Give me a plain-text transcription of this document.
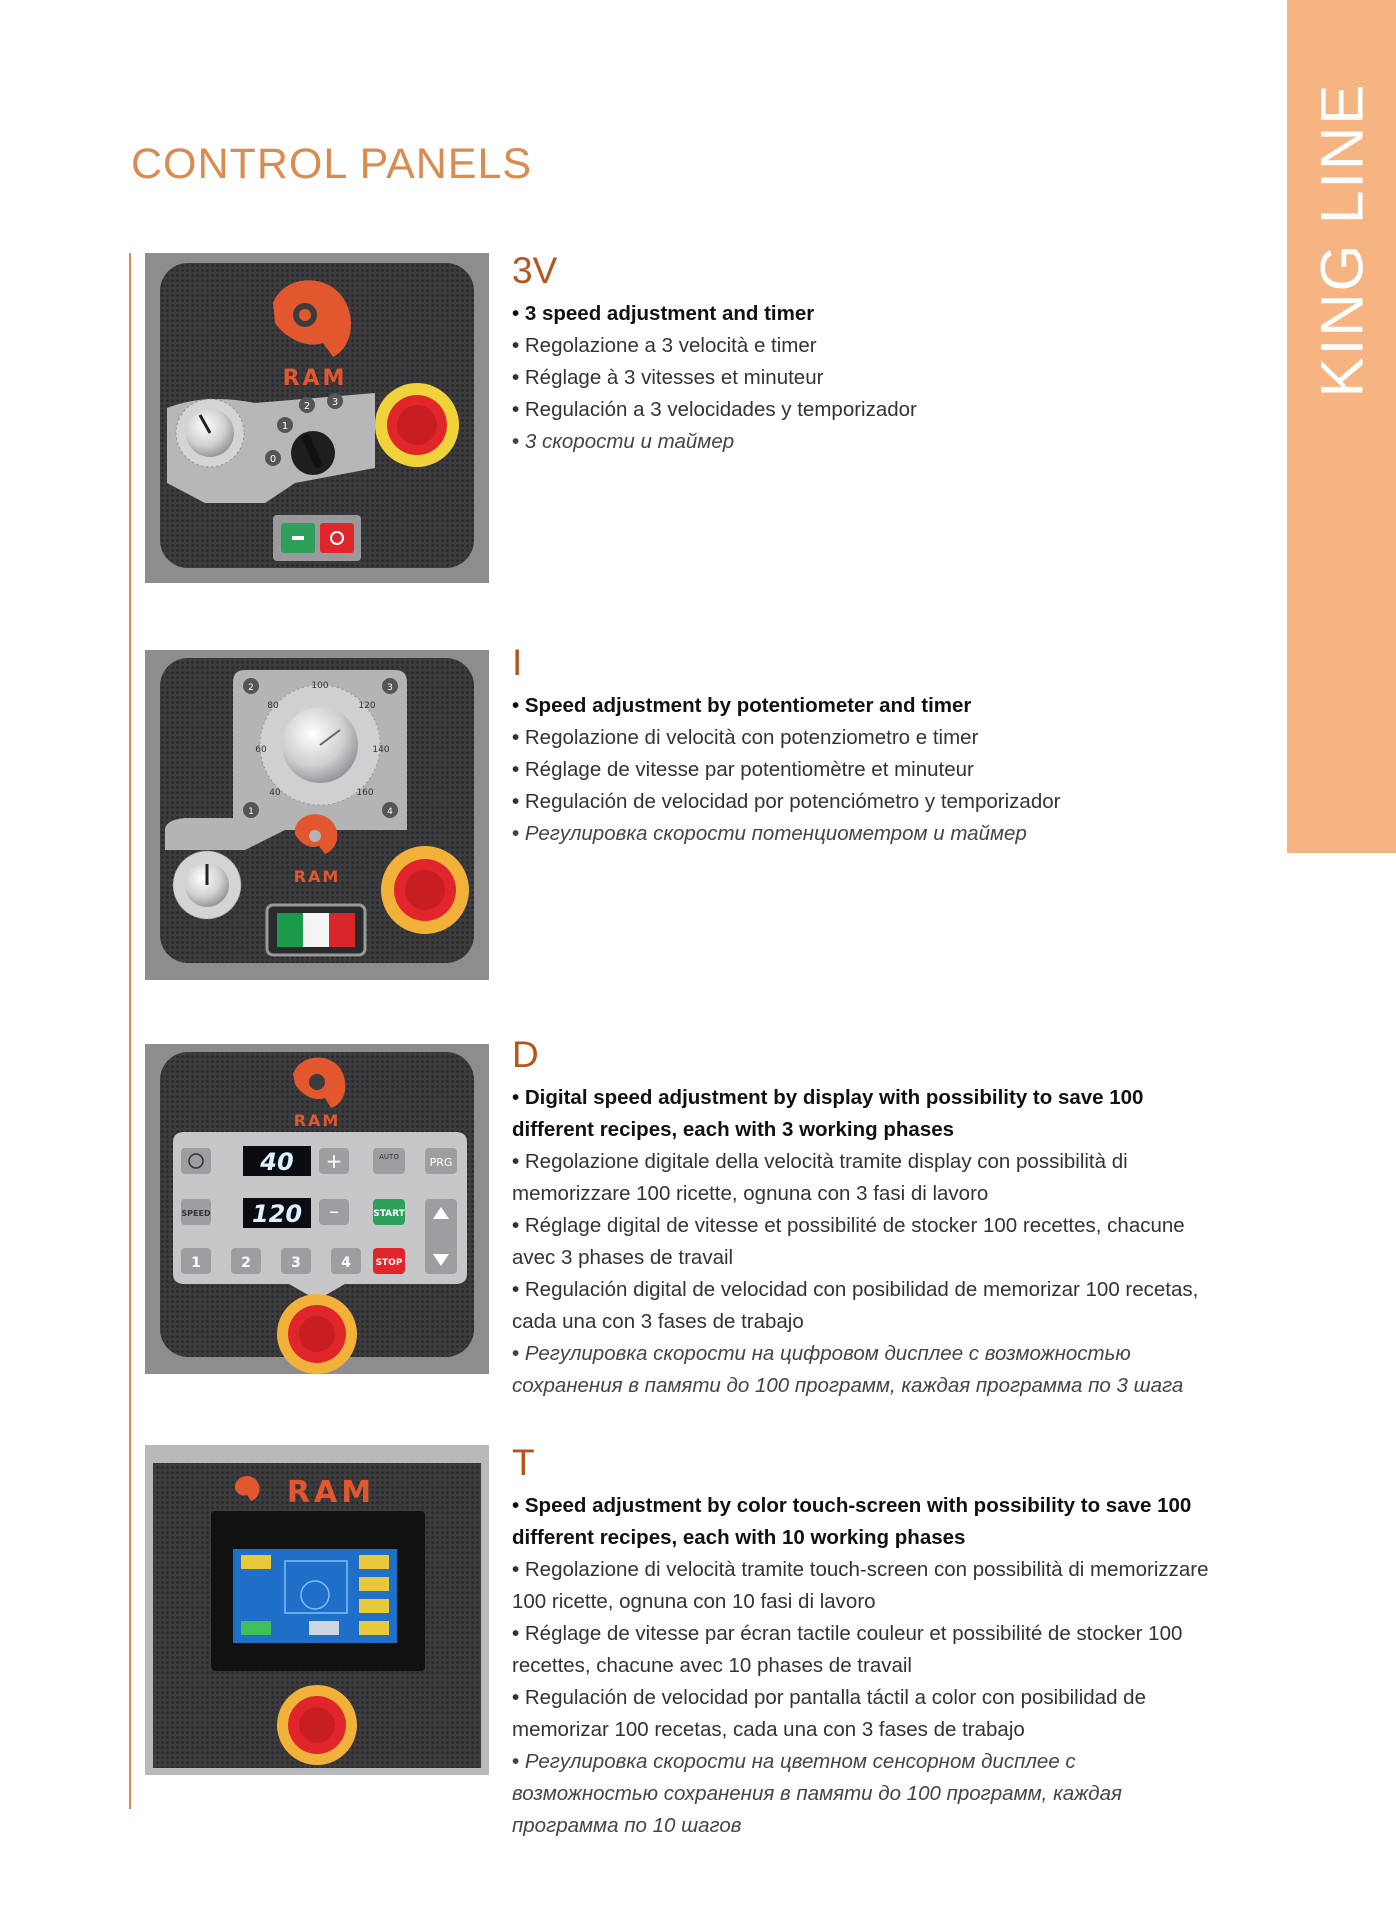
KING LINE
CONTROL PANELS
RAM
0
1
2 3
3V
• 3 speed adjustment and timer
• Regolazione a 3 velocità e timer
• Réglage à 3 vitesses et minuteur
• Regulación a 3 velocidades y temporizador
• 3 скорости и таймер
40
60
80
100
120
140
160
2	3
1	4
RAM
I
• Speed adjustment by potentiometer and timer
• Regolazione di velocità con potenziometro e timer
• Réglage de vitesse par potentiomètre et minuteur
• Regulación de velocidad por potenciómetro y temporizador
• Регулировка скорости потенциометром и таймер
RAM
40
SPEED 120
+
–
AUTO	PRG
START
STOP
1	2	3	4
D
• Digital speed adjustment by display with possibility to save 100 different recipes, each with 3 working phases
• Regolazione digitale della velocità tramite display con possibilità di memorizzare 100 ricette, ognuna con 3 fasi di lavoro
• Réglage digital de vitesse et possibilité de stocker 100 recettes, chacune avec 3 phases de travail
• Regulación digital de velocidad con posibilidad de memorizar 100 recetas, cada una con 3 fases de trabajo
• Регулировка скорости на цифровом дисплее с возможностью сохранения в памяти до 100 программ, каждая программа по 3 шага
RAM
T
• Speed adjustment by color touch-screen with possibility to save 100 different recipes, each with 10 working phases
• Regolazione di velocità tramite touch-screen con possibilità di memorizzare 100 ricette, ognuna con 10 fasi di lavoro
• Réglage de vitesse par écran tactile couleur et possibilité de stocker 100 recettes, chacune avec 10 phases de travail
• Regulación de velocidad por pantalla táctil a color con posibilidad de memorizar 100 recetas, cada una con 3 fases de trabajo
• Регулировка скорости на цветном сенсорном дисплее с возможностью сохранения в памяти до 100 программ, каждая программа по 10 шагов
